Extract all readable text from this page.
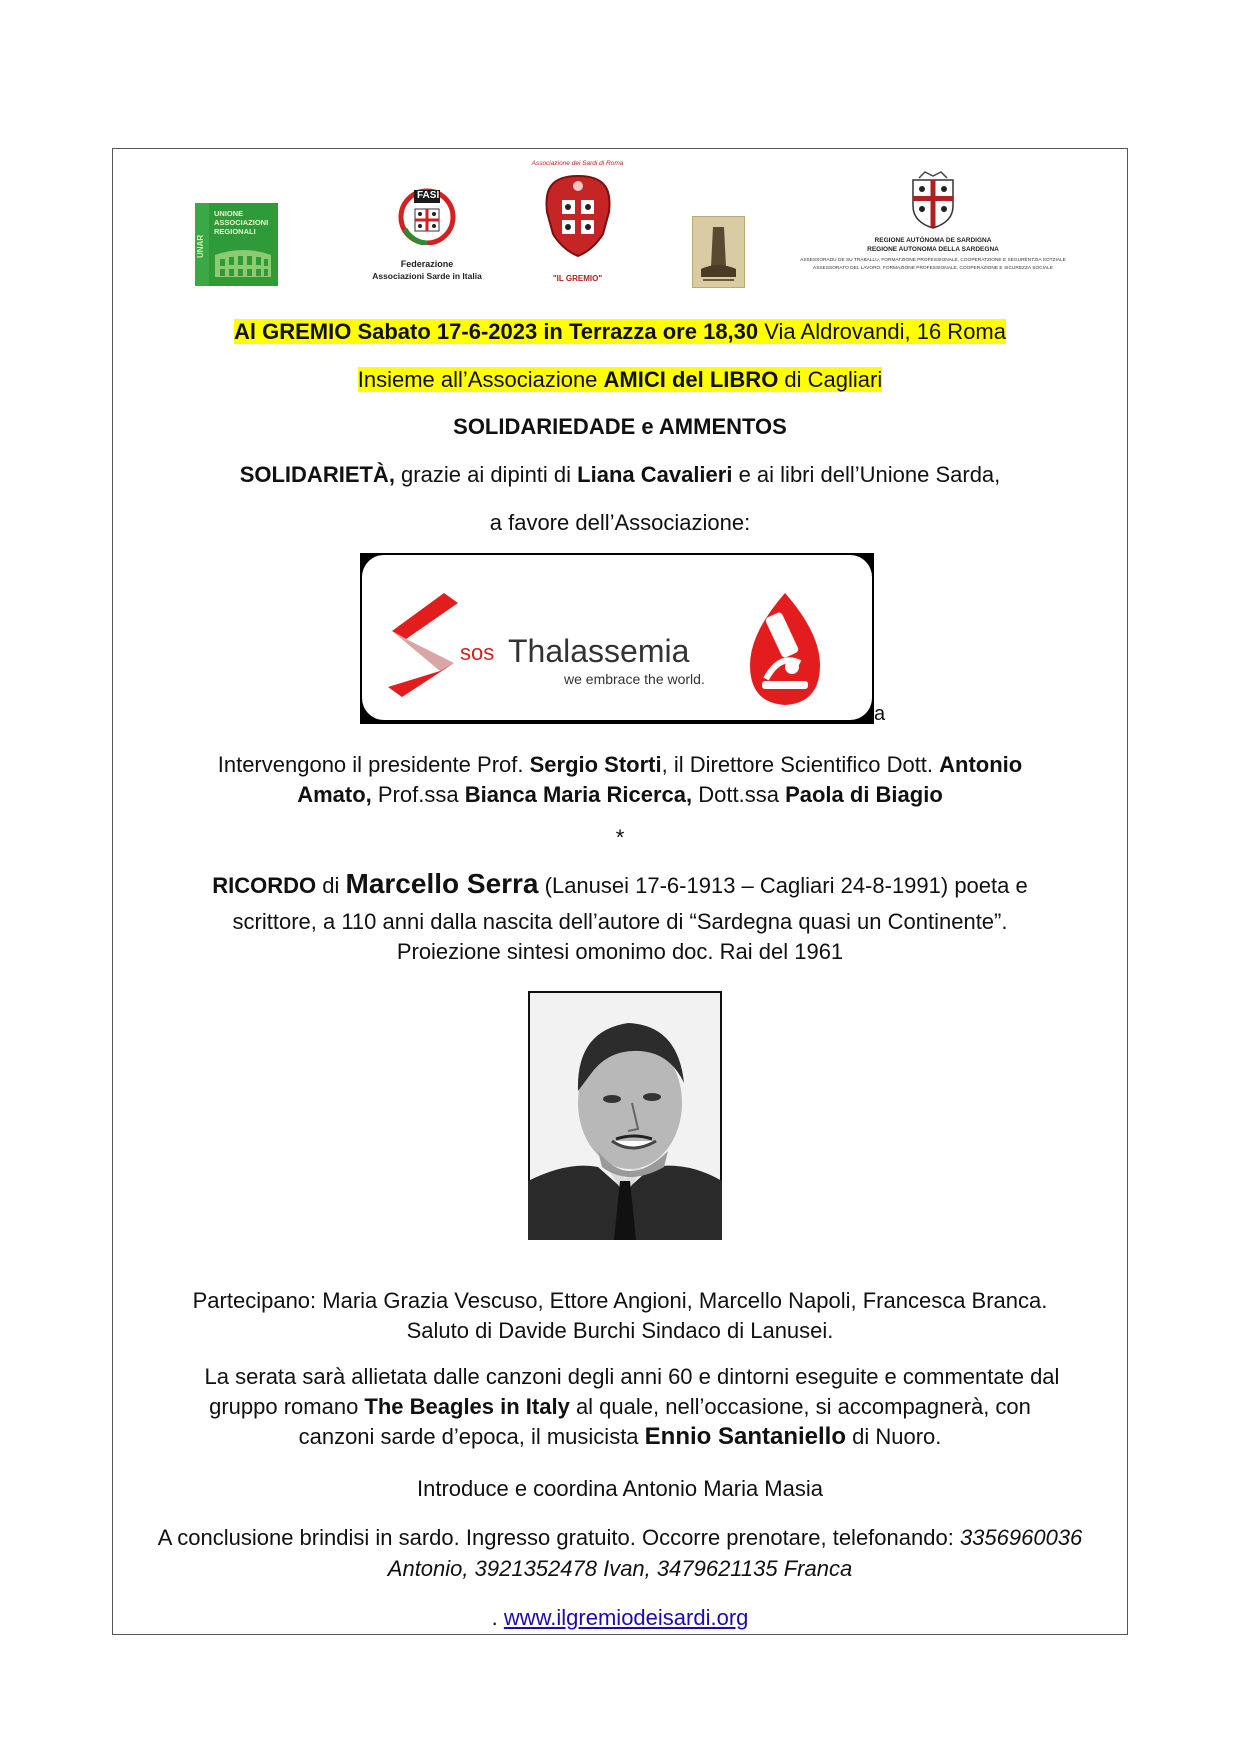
UNAR
UNIONE
ASSOCIAZIONI
REGIONALI
FASI
Federazione
Associazioni Sarde in Italia
Associazione dei Sardi di Roma
"IL GREMIO"
REGIONE AUTÒNOMA DE SARDIGNA
REGIONE AUTONOMA DELLA SARDEGNA
ASSESSORADU DE SU TRABALLU, FORMATZIONE PROFESSIONALE, COOPERATZIONE E SEGURÈNTZIA SOTZIALE
ASSESSORATO DEL LAVORO, FORMAZIONE PROFESSIONALE, COOPERAZIONE E SICUREZZA SOCIALE
Al GREMIO Sabato 17-6-2023 in Terrazza ore 18,30 Via Aldrovandi, 16 Roma
Insieme all’Associazione AMICI del LIBRO di Cagliari
SOLIDARIEDADE e AMMENTOS
SOLIDARIETÀ, grazie ai dipinti di Liana Cavalieri e ai libri dell’Unione Sarda,
a favore dell’Associazione:
sos Thalassemia
we embrace the world.
a
Intervengono il presidente Prof. Sergio Storti, il Direttore Scientifico Dott. Antonio
Amato, Prof.ssa Bianca Maria Ricerca, Dott.ssa Paola di Biagio
*
RICORDO di Marcello Serra (Lanusei 17-6-1913 – Cagliari 24-8-1991) poeta e
scrittore, a 110 anni dalla nascita dell’autore di “Sardegna quasi un Continente”.
Proiezione sintesi omonimo doc. Rai del 1961
Partecipano: Maria Grazia Vescuso, Ettore Angioni, Marcello Napoli, Francesca Branca.
Saluto di Davide Burchi Sindaco di Lanusei.
La serata sarà allietata dalle canzoni degli anni 60 e dintorni eseguite e commentate dal
gruppo romano The Beagles in Italy al quale, nell’occasione, si accompagnerà, con
canzoni sarde d’epoca, il musicista Ennio Santaniello di Nuoro.
Introduce e coordina Antonio Maria Masia
A conclusione brindisi in sardo. Ingresso gratuito. Occorre prenotare, telefonando: 3356960036
Antonio, 3921352478 Ivan, 3479621135 Franca
. www.ilgremiodeisardi.org
